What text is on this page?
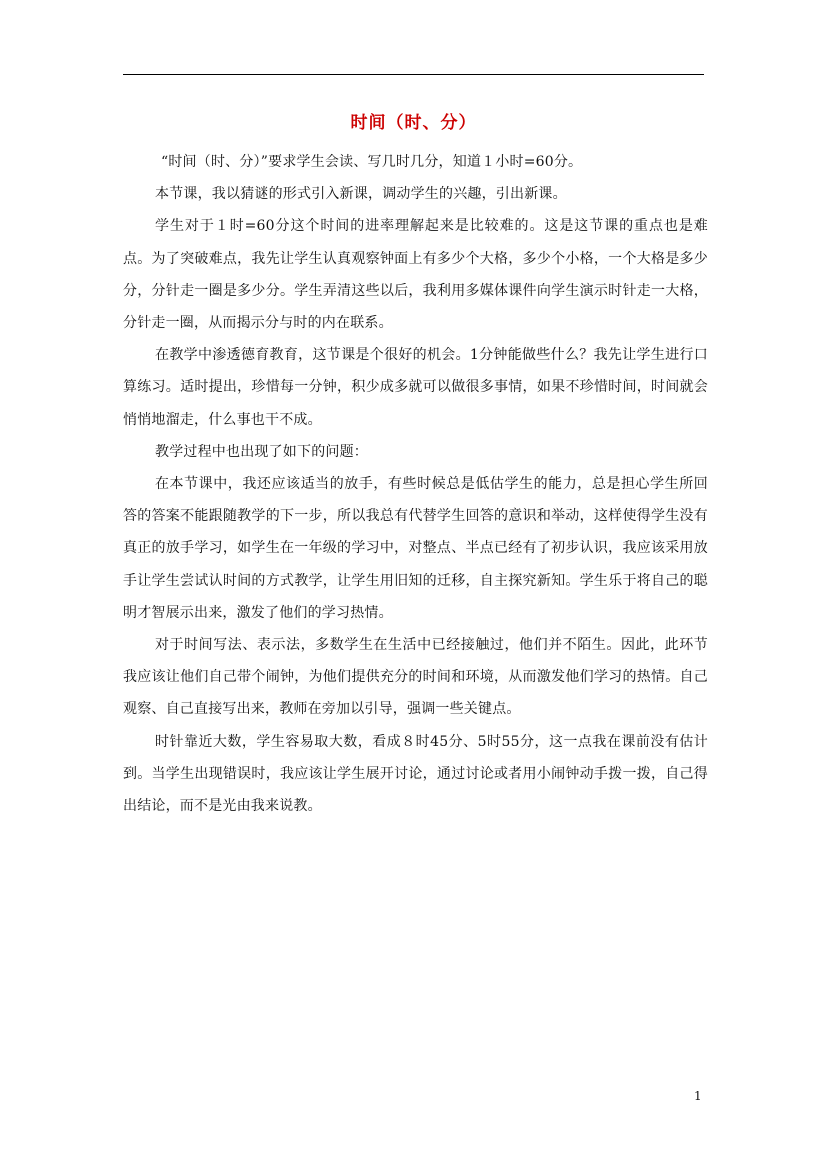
时间（时、分）

“时间（时、分）”要求学生会读、写几时几分，知道１小时=60分。

本节课，我以猜谜的形式引入新课，调动学生的兴趣，引出新课。

学生对于１时=60分这个时间的进率理解起来是比较难的。这是这节课的重点也是难点。为了突破难点，我先让学生认真观察钟面上有多少个大格，多少个小格，一个大格是多少分，分针走一圈是多少分。学生弄清这些以后，我利用多媒体课件向学生演示时针走一大格，分针走一圈，从而揭示分与时的内在联系。

在教学中渗透德育教育，这节课是个很好的机会。1分钟能做些什么？我先让学生进行口算练习。适时提出，珍惜每一分钟，积少成多就可以做很多事情，如果不珍惜时间，时间就会悄悄地溜走，什么事也干不成。

教学过程中也出现了如下的问题：

在本节课中，我还应该适当的放手，有些时候总是低估学生的能力，总是担心学生所回答的答案不能跟随教学的下一步，所以我总有代替学生回答的意识和举动，这样使得学生没有真正的放手学习，如学生在一年级的学习中，对整点、半点已经有了初步认识，我应该采用放手让学生尝试认时间的方式教学，让学生用旧知的迁移，自主探究新知。学生乐于将自己的聪明才智展示出来，激发了他们的学习热情。

对于时间写法、表示法，多数学生在生活中已经接触过，他们并不陌生。因此，此环节我应该让他们自己带个闹钟，为他们提供充分的时间和环境，从而激发他们学习的热情。自己观察、自己直接写出来，教师在旁加以引导，强调一些关键点。

时针靠近大数，学生容易取大数，看成８时45分、5时55分，这一点我在课前没有估计到。当学生出现错误时，我应该让学生展开讨论，通过讨论或者用小闹钟动手拨一拨，自己得出结论，而不是光由我来说教。

1
